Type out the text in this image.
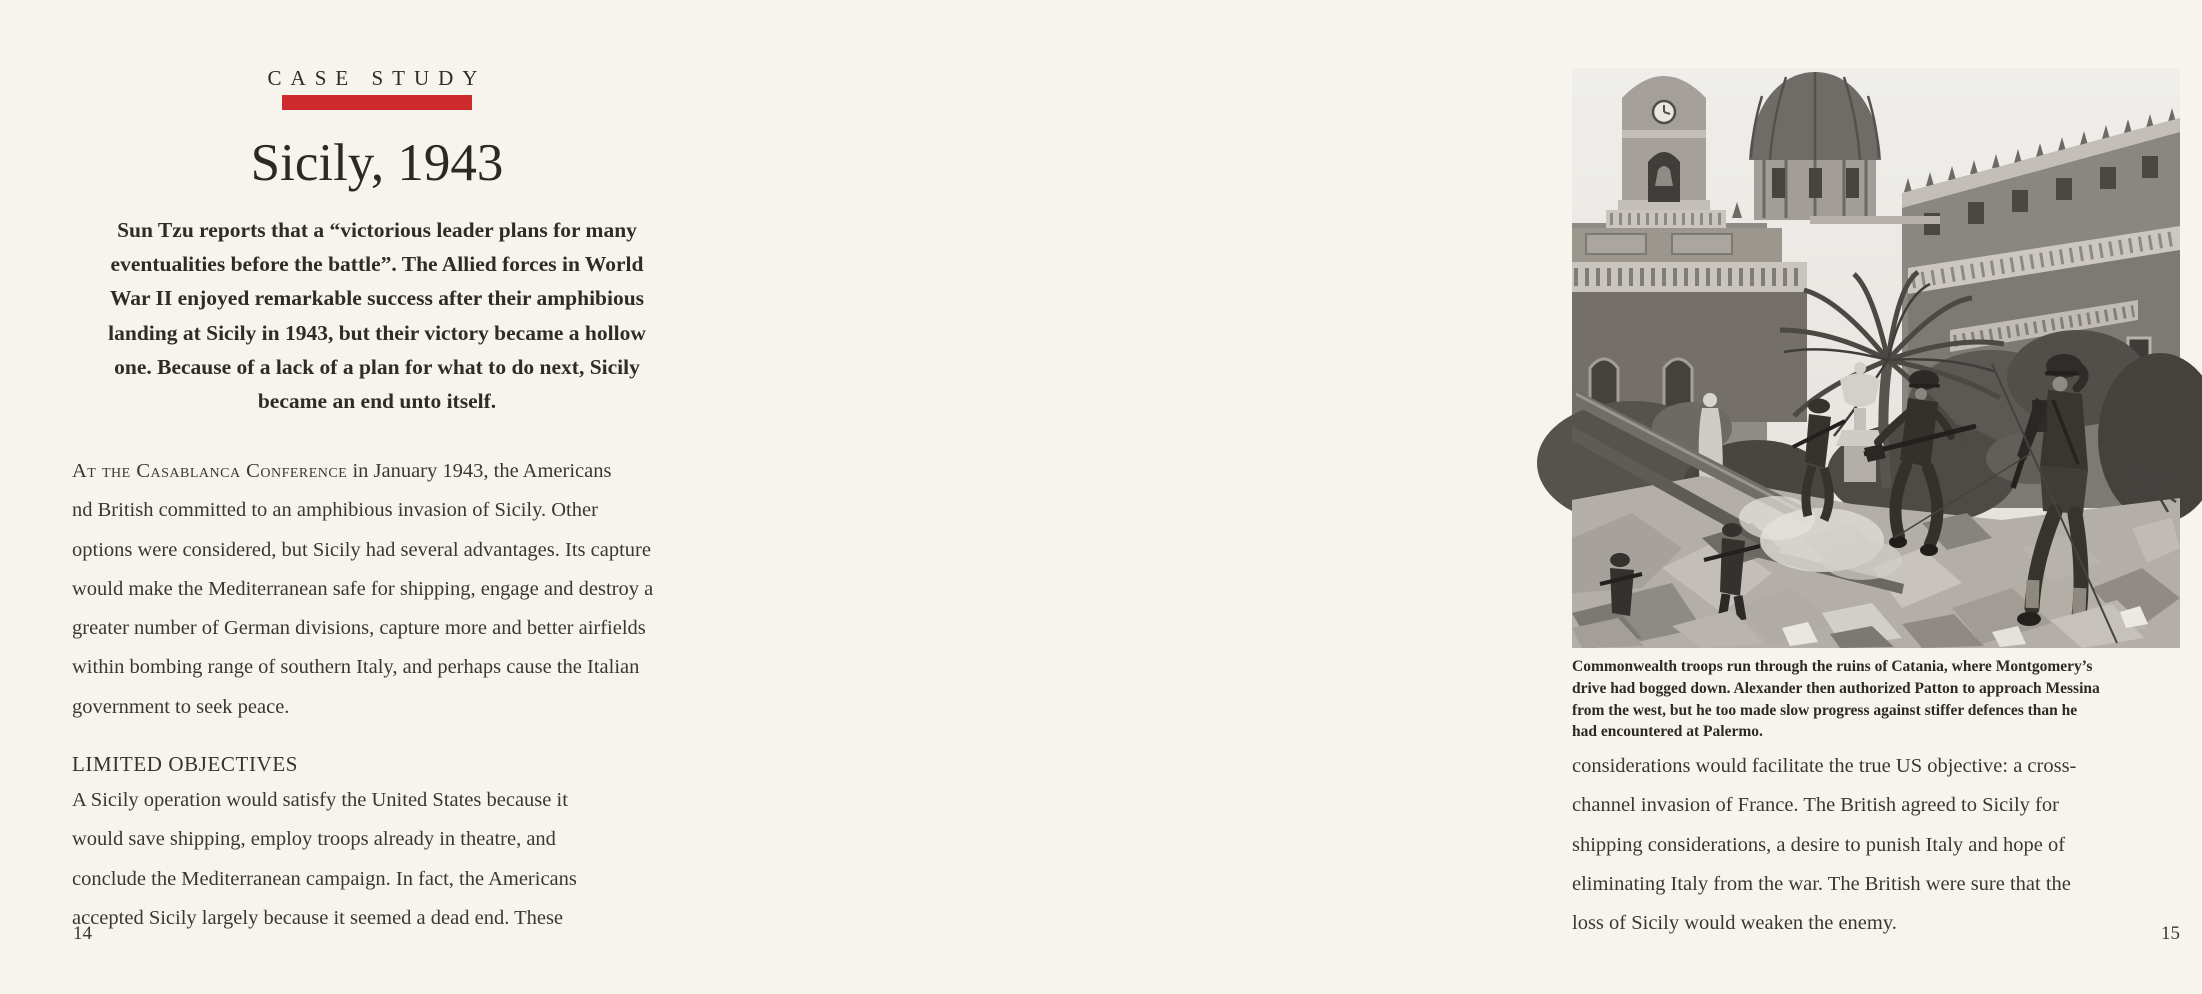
CASE STUDY
Sicily, 1943
Sun Tzu reports that a “victorious leader plans for many
eventualities before the battle”. The Allied forces in World
War II enjoyed remarkable success after their amphibious
landing at Sicily in 1943, but their victory became a hollow
one. Because of a lack of a plan for what to do next, Sicily
became an end unto itself.
At the Casablanca Conference in January 1943, the Americans
nd British committed to an amphibious invasion of Sicily. Other
options were considered, but Sicily had several advantages. Its capture
would make the Mediterranean safe for shipping, engage and destroy a
greater number of German divisions, capture more and better airfields
within bombing range of southern Italy, and perhaps cause the Italian
government to seek peace.
LIMITED OBJECTIVES
A Sicily operation would satisfy the United States because it
would save shipping, employ troops already in theatre, and
conclude the Mediterranean campaign. In fact, the Americans
accepted Sicily largely because it seemed a dead end. These
14
Commonwealth troops run through the ruins of Catania, where Montgomery’s
drive had bogged down. Alexander then authorized Patton to approach Messina
from the west, but he too made slow progress against stiffer defences than he
had encountered at Palermo.
considerations would facilitate the true US objective: a cross-
channel invasion of France. The British agreed to Sicily for
shipping considerations, a desire to punish Italy and hope of
eliminating Italy from the war. The British were sure that the
loss of Sicily would weaken the enemy.	15
